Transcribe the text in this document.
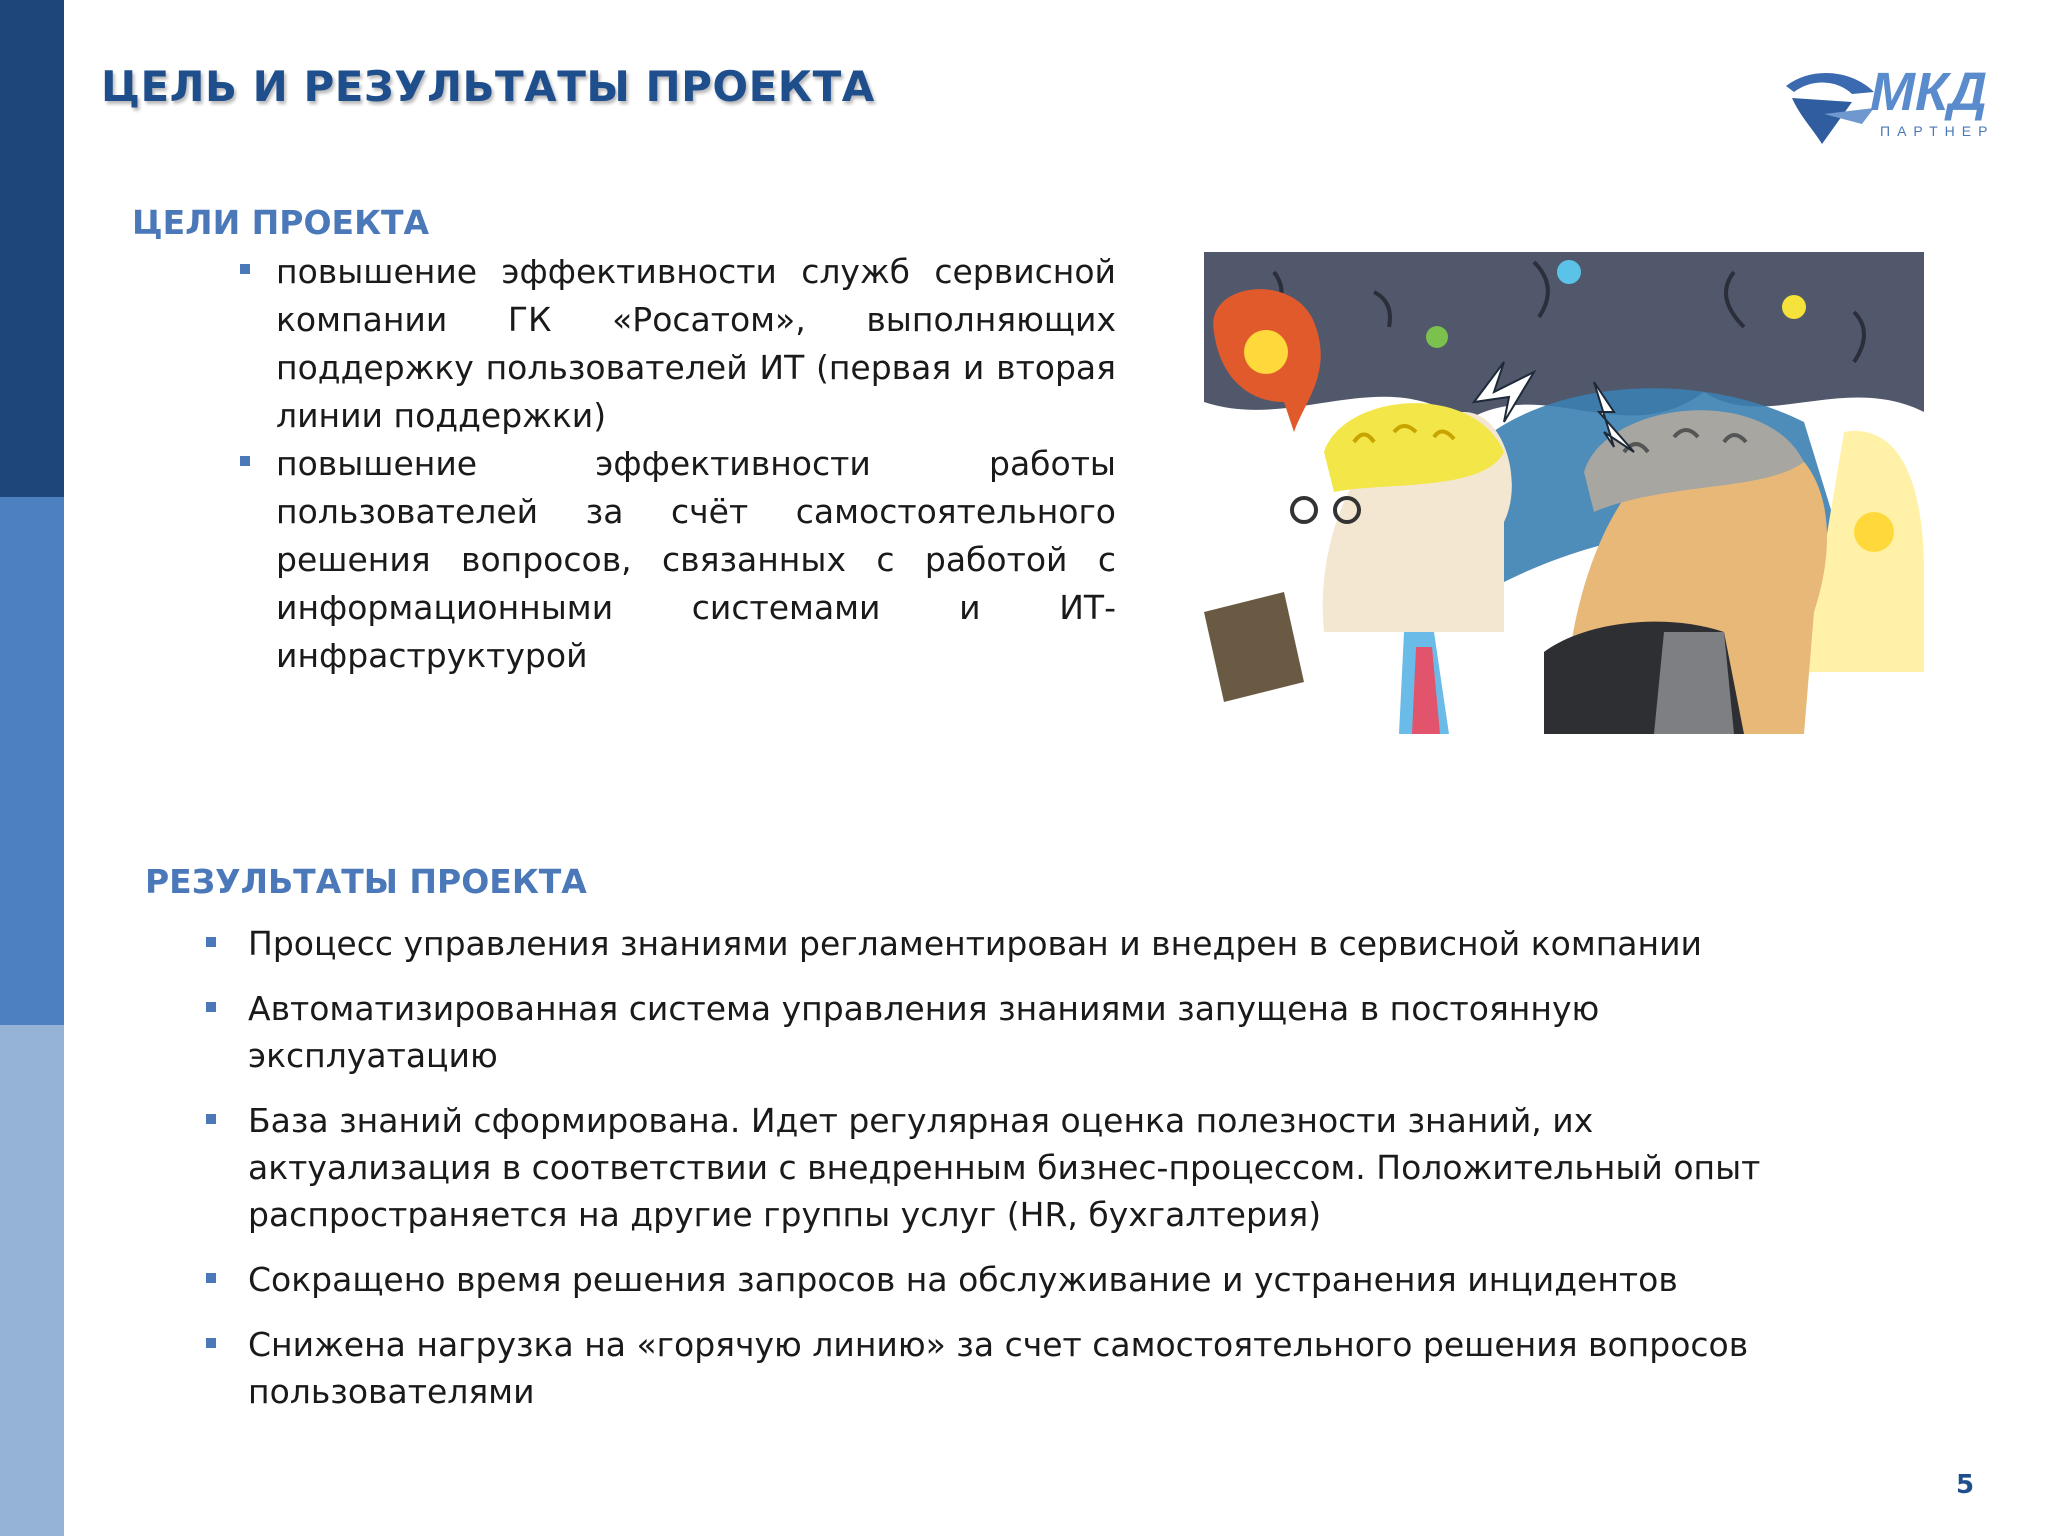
ЦЕЛЬ И РЕЗУЛЬТАТЫ ПРОЕКТА	МКД
ПАРТНЕР
ЦЕЛИ ПРОЕКТА
повышение эффективности служб сервисной компании ГК «Росатом», выполняющих поддержку пользователей ИТ (первая и вторая линии поддержки)
повышение эффективности работы пользователей за счёт самостоятельного решения вопросов, связанных с работой с информационными системами и ИТ-инфраструктурой
РЕЗУЛЬТАТЫ ПРОЕКТА
Процесс управления знаниями регламентирован и внедрен в сервисной компании
Автоматизированная система управления знаниями запущена в постоянную эксплуатацию
База знаний сформирована. Идет регулярная оценка полезности знаний, их актуализация в соответствии с внедренным бизнес-процессом. Положительный опыт распространяется на другие группы услуг (HR, бухгалтерия)
Сокращено время решения запросов на обслуживание и устранения инцидентов
Снижена нагрузка на «горячую линию» за счет самостоятельного решения вопросов пользователями
5
